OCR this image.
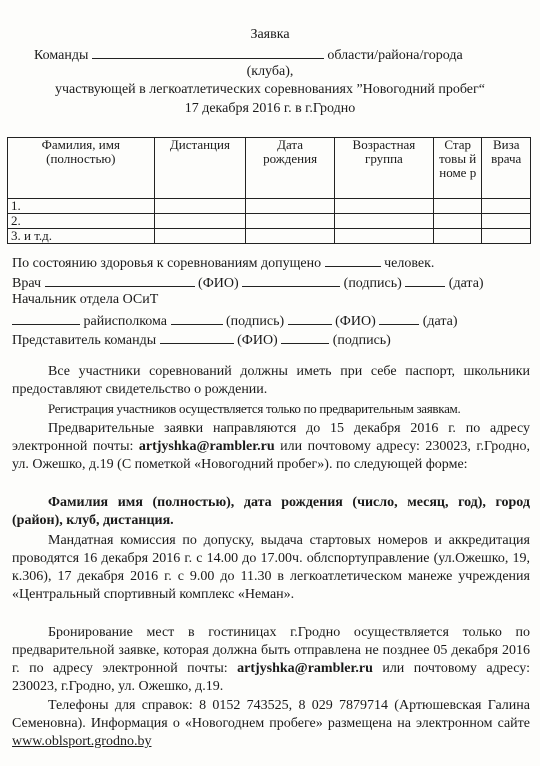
Заявка
Команды	области/района/города
(клуба),
участвующей в легкоатлетических соревнованиях ”Новогодний пробег“
17 декабря 2016 г. в г.Гродно
Фамилия, имя (полностью)	Дистанция	Дата рождения	Возрастная группа	Стар товы й номе р	Виза врача
1.					
2.					
3. и т.д.					
По состоянию здоровья к соревнованиям допущено	человек.
Врач	(ФИО)	(подпись)	(дата)
Начальник отдела ОСиТ
райисполкома	(подпись)	(ФИО)	(дата)
Представитель команды	(ФИО)	(подпись)
Все участники соревнований должны иметь при себе паспорт, школьники предоставляют свидетельство о рождении.
Регистрация участников осуществляется только по предварительным заявкам.
Предварительные заявки направляются до 15 декабря 2016 г. по адресу электронной почты: artjyshka@rambler.ru или почтовому адресу: 230023, г.Гродно, ул. Ожешко, д.19 (С пометкой «Новогодний пробег»). по следующей форме:
Фамилия имя (полностью), дата рождения (число, месяц, год), город (район), клуб, дистанция.
Мандатная комиссия по допуску, выдача стартовых номеров и аккредитация проводятся 16 декабря 2016 г. с 14.00 до 17.00ч. облспортуправление (ул.Ожешко, 19, к.306), 17 декабря 2016 г. с 9.00 до 11.30 в легкоатлетическом манеже учреждения «Центральный спортивный комплекс «Неман».
Бронирование мест в гостиницах г.Гродно осуществляется только по предварительной заявке, которая должна быть отправлена не позднее 05 декабря 2016 г. по адресу электронной почты: artjyshka@rambler.ru или почтовому адресу: 230023, г.Гродно, ул. Ожешко, д.19.
Телефоны для справок: 8 0152 743525, 8 029 7879714 (Артюшевская Галина Семеновна). Информация о «Новогоднем пробеге» размещена на электронном сайте www.oblsport.grodno.by
